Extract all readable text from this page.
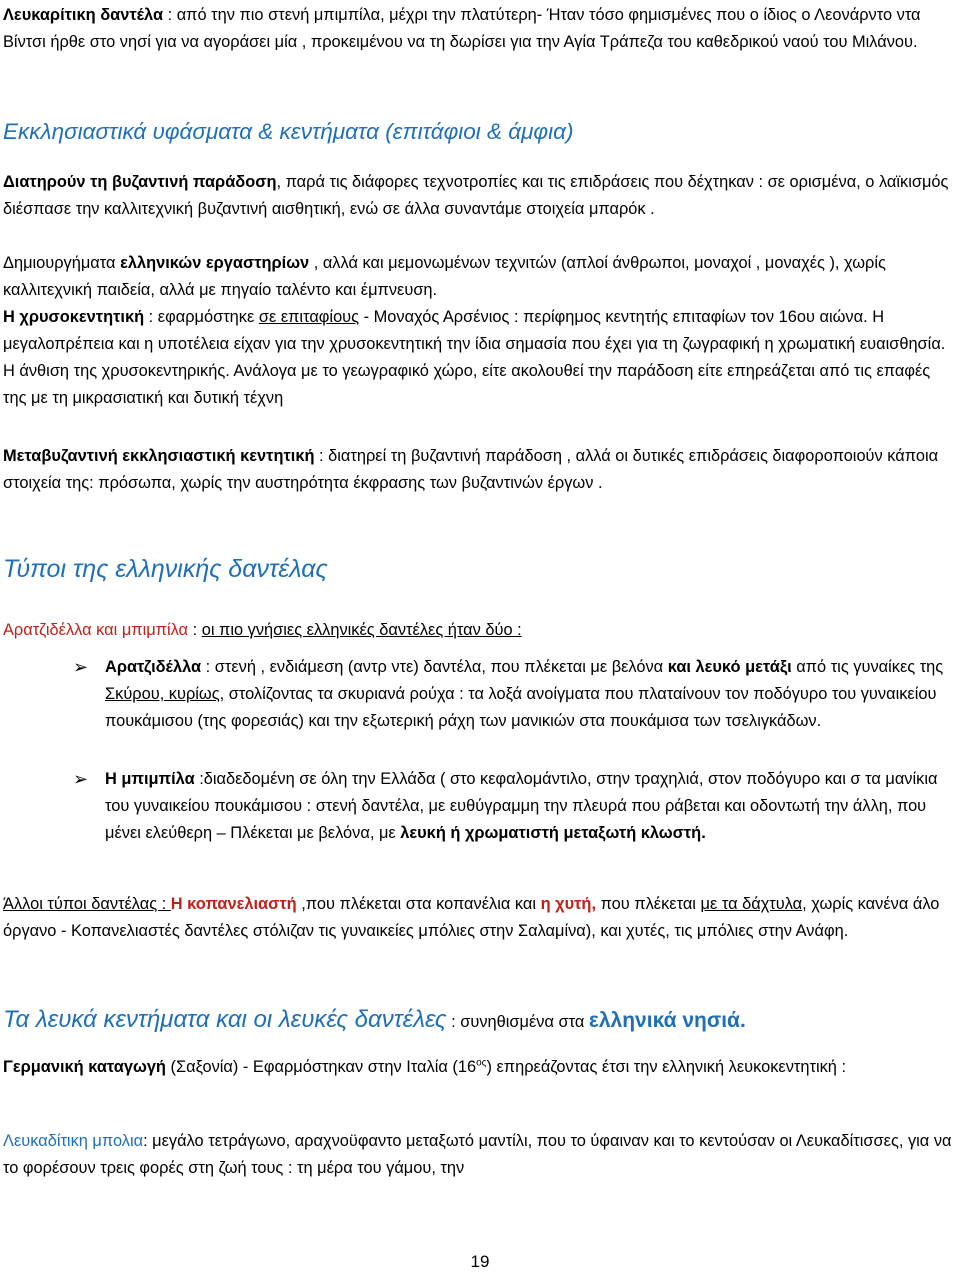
Λευκαρίτικη δαντέλα : από την πιο στενή μπιμπίλα, μέχρι την πλατύτερη- Ήταν τόσο φημισμένες που ο ίδιος ο Λεονάρντο ντα Βίντσι ήρθε στο νησί για να αγοράσει μία , προκειμένου να τη δωρίσει για την Αγία Τράπεζα του καθεδρικού ναού του Μιλάνου.

Εκκλησιαστικά υφάσματα & κεντήματα (επιτάφιοι & άμφια)

Διατηρούν τη βυζαντινή παράδοση, παρά τις διάφορες τεχνοτροπίες και τις επιδράσεις που δέχτηκαν : σε ορισμένα, ο λαϊκισμός διέσπασε την καλλιτεχνική βυζαντινή αισθητική, ενώ σε άλλα συναντάμε στοιχεία μπαρόκ .

Δημιουργήματα ελληνικών εργαστηρίων , αλλά και μεμονωμένων τεχνιτών (απλοί άνθρωποι, μοναχοί , μοναχές ), χωρίς καλλιτεχνική παιδεία, αλλά με πηγαίο ταλέντο και έμπνευση.

Η χρυσοκεντητική : εφαρμόστηκε σε επιταφίους - Μοναχός Αρσένιος : περίφημος κεντητής επιταφίων τον 16ου αιώνα. Η μεγαλοπρέπεια και η υποτέλεια είχαν για την χρυσοκεντητική την ίδια σημασία που έχει για τη ζωγραφική η χρωματική ευαισθησία. Η άνθιση της χρυσοκεντηρικής. Ανάλογα με το γεωγραφικό χώρο, είτε ακολουθεί την παράδοση είτε επηρεάζεται από τις επαφές της με τη μικρασιατική και δυτική τέχνη

Μεταβυζαντινή εκκλησιαστική κεντητική : διατηρεί τη βυζαντινή παράδοση , αλλά οι δυτικές επιδράσεις διαφοροποιούν κάποια στοιχεία της: πρόσωπα, χωρίς την αυστηρότητα έκφρασης των βυζαντινών έργων .

Τύποι της ελληνικής δαντέλας

Αρατζιδέλλα και μπιμπίλα : οι πιο γνήσιες ελληνικές δαντέλες ήταν δύο :

➢ Αρατζιδέλλα : στενή , ενδιάμεση (αντρ ντε) δαντέλα, που πλέκεται με βελόνα και λευκό μετάξι από τις γυναίκες της Σκύρου, κυρίως, στολίζοντας τα σκυριανά ρούχα : τα λοξά ανοίγματα που πλαταίνουν τον ποδόγυρο του γυναικείου πουκάμισου (της φορεσιάς) και την εξωτερική ράχη των μανικιών στα πουκάμισα των τσελιγκάδων.
➢ Η μπιμπίλα :διαδεδομένη σε όλη την Ελλάδα ( στο κεφαλομάντιλο, στην τραχηλιά, στον ποδόγυρο και σ τα μανίκια του γυναικείου πουκάμισου : στενή δαντέλα, με ευθύγραμμη την πλευρά που ράβεται και οδοντωτή την άλλη, που μένει ελεύθερη – Πλέκεται με βελόνα, με λευκή ή χρωματιστή μεταξωτή κλωστή.

Άλλοι τύποι δαντέλας : Η κοπανελιαστή ,που πλέκεται στα κοπανέλια και η χυτή, που πλέκεται με τα δάχτυλα, χωρίς κανένα άλο όργανο - Κοπανελιαστές δαντέλες στόλιζαν τις γυναικείες μπόλιες στην Σαλαμίνα), και χυτές, τις μπόλιες στην Ανάφη.

Τα λευκά κεντήματα και οι λευκές δαντέλες : συνηθισμένα στα ελληνικά νησιά.

Γερμανική καταγωγή (Σαξονία) - Εφαρμόστηκαν στην Ιταλία $(16^{o\varsigma})$ επηρεάζοντας έτσι την ελληνική λευκοκεντητική :

Λευκαδίτικη μπολια: μεγάλο τετράγωνο, αραχνοϋφαντο μεταξωτό μαντίλι, που το ύφαιναν και το κεντούσαν οι Λευκαδίτισσες, για να το φορέσουν τρεις φορές στη ζωή τους : τη μέρα του γάμου, την

19
